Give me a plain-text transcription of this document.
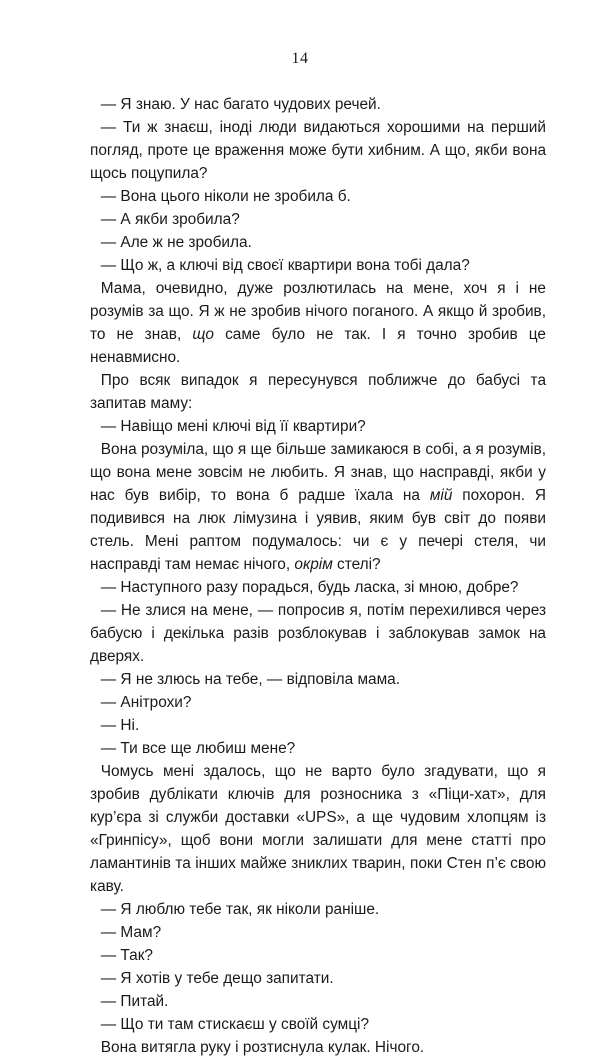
14

— Я знаю. У нас багато чудових речей.

— Ти ж знаєш, іноді люди видаються хорошими на перший погляд, проте це враження може бути хибним. А що, якби вона щось поцупила?

— Вона цього ніколи не зробила б.

— А якби зробила?

— Але ж не зробила.

— Що ж, а ключі від своєї квартири вона тобі дала?

Мама, очевидно, дуже розлютилась на мене, хоч я і не розумів за що. Я ж не зробив нічого поганого. А якщо й зробив, то не знав, що саме було не так. І я точно зробив це ненавмисно.

Про всяк випадок я пересунувся поближче до бабусі та запитав маму:

— Навіщо мені ключі від її квартири?

Вона розуміла, що я ще більше замикаюся в собі, а я розумів, що вона мене зовсім не любить. Я знав, що насправді, якби у нас був вибір, то вона б радше їхала на мій похорон. Я подивився на люк лімузина і уявив, яким був світ до появи стель. Мені раптом подумалось: чи є у печері стеля, чи насправді там немає нічого, окрім стелі?

— Наступного разу порадься, будь ласка, зі мною, добре?

— Не злися на мене, — попросив я, потім перехилився через бабусю і декілька разів розблокував і заблокував замок на дверях.

— Я не злюсь на тебе, — відповіла мама.

— Анітрохи?

— Ні.

— Ти все ще любиш мене?

Чомусь мені здалось, що не варто було згадувати, що я зробив дублікати ключів для розносника з «Піци-хат», для кур’єра зі служби доставки «UPS», а ще чудовим хлопцям із «Гринпісу», щоб вони могли залишати для мене статті про ламантинів та інших майже зниклих тварин, поки Стен п’є свою каву.

— Я люблю тебе так, як ніколи раніше.

— Мам?

— Так?

— Я хотів у тебе дещо запитати.

— Питай.

— Що ти там стискаєш у своїй сумці?

Вона витягла руку і розтиснула кулак. Нічого.
